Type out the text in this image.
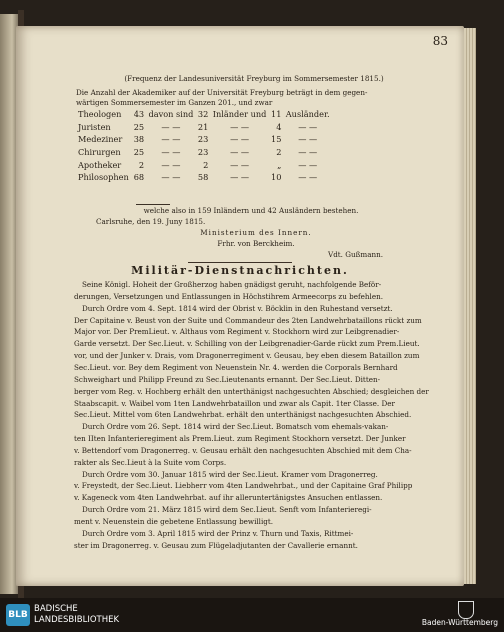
83
(Frequenz der Landesuniversität Freyburg im Sommersemester 1815.)
Die Anzahl der Akademiker auf der Universität Freyburg beträgt in dem gegen-
wärtigen Sommersemester im Ganzen 201., und zwar
Theologen	43	davon sind	32	Inländer und	11	Ausländer.
Juristen	25	— —	21	— —	4	— —
Medeziner	38	— —	23	— —	15	— —
Chirurgen	25	— —	23	— —	2	— —
Apotheker	2	— —	2	— —	„	— —
Philosophen	68	— —	58	— —	10	— —
welche also in 159 Inländern und 42 Ausländern bestehen.
Carlsruhe, den 19. Juny 1815.
Ministerium des Innern.
Frhr. von Berckheim.
Vdt. Gußmann.
Militär-Dienstnachrichten.
Seine Königl. Hoheit der Großherzog haben gnädigst geruht, nachfolgende Beför-
derungen, Versetzungen und Entlassungen in Höchstihrem Armeecorps zu befehlen.
Durch Ordre vom 4. Sept. 1814 wird der Obrist v. Böcklin in den Ruhestand versetzt.
Der Capitaine v. Beust von der Suite und Commandeur des 2ten Landwehrbataillons rückt zum
Major vor. Der PremLieut. v. Althaus vom Regiment v. Stockhorn wird zur Leibgrenadier-
Garde versetzt. Der Sec.Lieut. v. Schilling von der Leibgrenadier-Garde rückt zum Prem.Lieut.
vor, und der Junker v. Drais, vom Dragonerregiment v. Geusau, bey eben diesem Bataillon zum
Sec.Lieut. vor. Bey dem Regiment von Neuenstein Nr. 4. werden die Corporals Bernhard
Schweighart und Philipp Freund zu Sec.Lieutenants ernannt. Der Sec.Lieut. Ditten-
berger vom Reg. v. Hochberg erhält den unterthänigst nachgesuchten Abschied; desgleichen der
Staabscapit. v. Waibel vom 1ten Landwehrbataillon und zwar als Capit. 1ter Classe. Der
Sec.Lieut. Mittel vom 6ten Landwehrbat. erhält den unterthänigst nachgesuchten Abschied.
Durch Ordre vom 26. Sept. 1814 wird der Sec.Lieut. Bomatsch vom ehemals-vakan-
ten IIten Infanterieregiment als Prem.Lieut. zum Regiment Stockhorn versetzt. Der Junker
v. Bettendorf vom Dragonerreg. v. Geusau erhält den nachgesuchten Abschied mit dem Cha-
rakter als Sec.Lieut à la Suite vom Corps.
Durch Ordre vom 30. Januar 1815 wird der Sec.Lieut. Kramer vom Dragonerreg.
v. Freystedt, der Sec.Lieut. Liebherr vom 4ten Landwehrbat., und der Capitaine Graf Philipp
v. Kageneck vom 4ten Landwehrbat. auf ihr alleruntertänigstes Ansuchen entlassen.
Durch Ordre vom 21. März 1815 wird dem Sec.Lieut. Senft vom Infanterieregi-
ment v. Neuenstein die gebetene Entlassung bewilligt.
Durch Ordre vom 3. April 1815 wird der Prinz v. Thurn und Taxis, Rittmei-
ster im Dragonerreg. v. Geusau zum Flügeladjutanten der Cavallerie ernannt.
BLB
BADISCHE
LANDESBIBLIOTHEK	Baden-Württemberg
